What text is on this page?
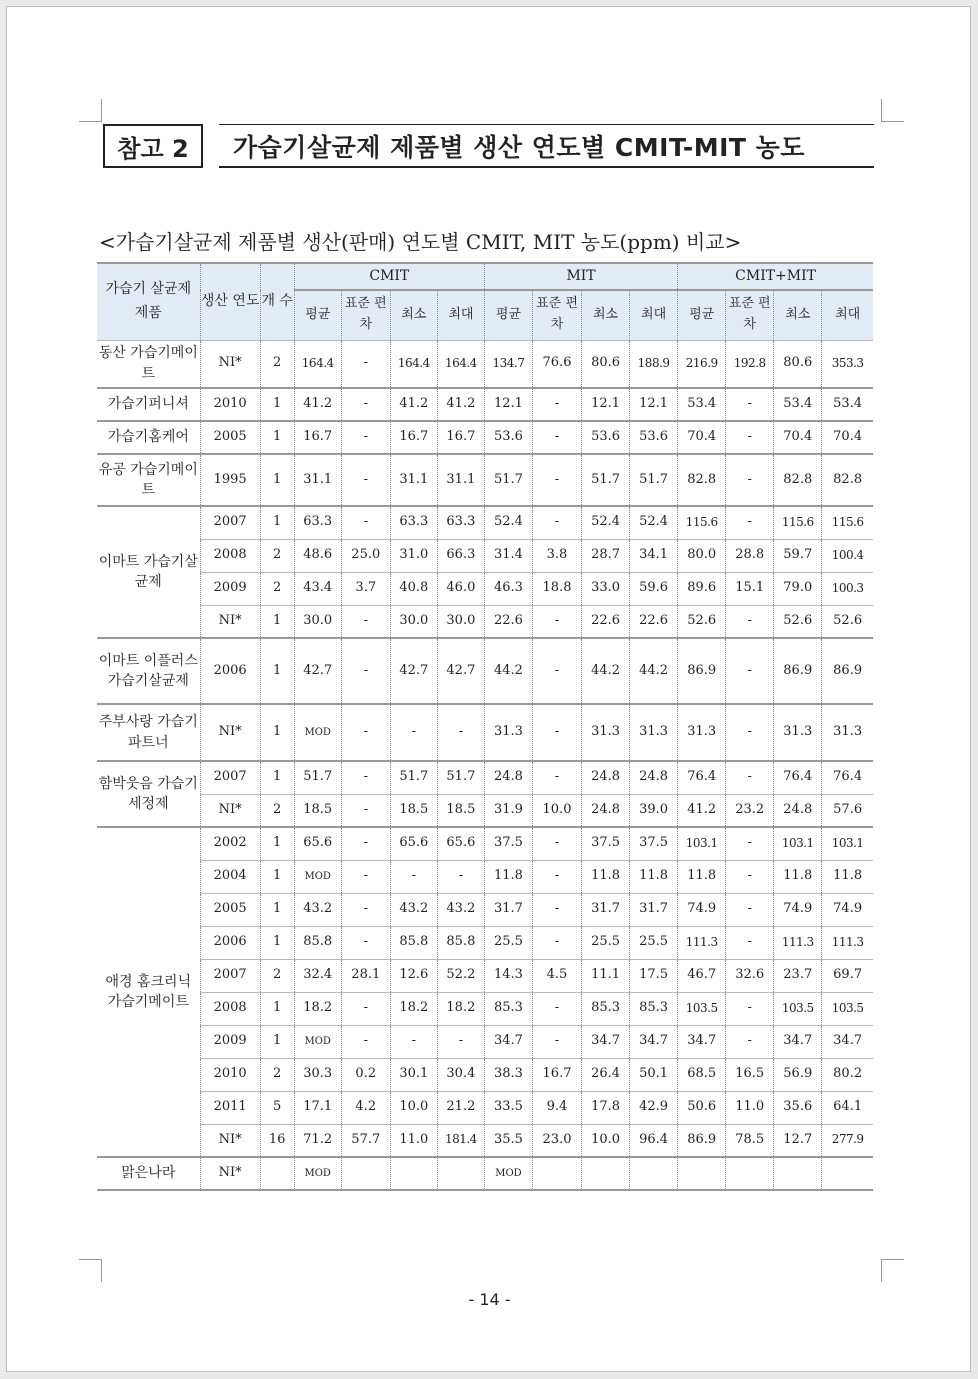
참고 2	가습기살균제 제품별 생산 연도별 CMIT-MIT 농도
<가습기살균제 제품별 생산(판매) 연도별 CMIT, MIT 농도(ppm) 비교>
가습기 살균제 제품	생산 연도	개 수	CMIT				MIT				CMIT+MIT			
			평균	표준 편차	최소	최대	평균	표준 편차	최소	최대	평균	표준 편차	최소	최대
동산 가습기메이트	NI*	2	164.4	-	164.4	164.4	134.7	76.6	80.6	188.9	216.9	192.8	80.6	353.3
가습기퍼니셔	2010	1	41.2	-	41.2	41.2	12.1	-	12.1	12.1	53.4	-	53.4	53.4
가습기홈케어	2005	1	16.7	-	16.7	16.7	53.6	-	53.6	53.6	70.4	-	70.4	70.4
유공 가습기메이트	1995	1	31.1	-	31.1	31.1	51.7	-	51.7	51.7	82.8	-	82.8	82.8
이마트 가습기살균제	2007	1	63.3	-	63.3	63.3	52.4	-	52.4	52.4	115.6	-	115.6	115.6
	2008	2	48.6	25.0	31.0	66.3	31.4	3.8	28.7	34.1	80.0	28.8	59.7	100.4
	2009	2	43.4	3.7	40.8	46.0	46.3	18.8	33.0	59.6	89.6	15.1	79.0	100.3
	NI*	1	30.0	-	30.0	30.0	22.6	-	22.6	22.6	52.6	-	52.6	52.6
이마트 이플러스 가습기살균제	2006	1	42.7	-	42.7	42.7	44.2	-	44.2	44.2	86.9	-	86.9	86.9
주부사랑 가습기파트너	NI*	1	MOD	-	-	-	31.3	-	31.3	31.3	31.3	-	31.3	31.3
함박웃음 가습기세정제	2007	1	51.7	-	51.7	51.7	24.8	-	24.8	24.8	76.4	-	76.4	76.4
	NI*	2	18.5	-	18.5	18.5	31.9	10.0	24.8	39.0	41.2	23.2	24.8	57.6
애경 홈크리닉 가습기메이트	2002	1	65.6	-	65.6	65.6	37.5	-	37.5	37.5	103.1	-	103.1	103.1
	2004	1	MOD	-	-	-	11.8	-	11.8	11.8	11.8	-	11.8	11.8
	2005	1	43.2	-	43.2	43.2	31.7	-	31.7	31.7	74.9	-	74.9	74.9
	2006	1	85.8	-	85.8	85.8	25.5	-	25.5	25.5	111.3	-	111.3	111.3
	2007	2	32.4	28.1	12.6	52.2	14.3	4.5	11.1	17.5	46.7	32.6	23.7	69.7
	2008	1	18.2	-	18.2	18.2	85.3	-	85.3	85.3	103.5	-	103.5	103.5
	2009	1	MOD	-	-	-	34.7	-	34.7	34.7	34.7	-	34.7	34.7
	2010	2	30.3	0.2	30.1	30.4	38.3	16.7	26.4	50.1	68.5	16.5	56.9	80.2
	2011	5	17.1	4.2	10.0	21.2	33.5	9.4	17.8	42.9	50.6	11.0	35.6	64.1
	NI*	16	71.2	57.7	11.0	181.4	35.5	23.0	10.0	96.4	86.9	78.5	12.7	277.9
맑은나라	NI*		MOD				MOD							
- 14 -
